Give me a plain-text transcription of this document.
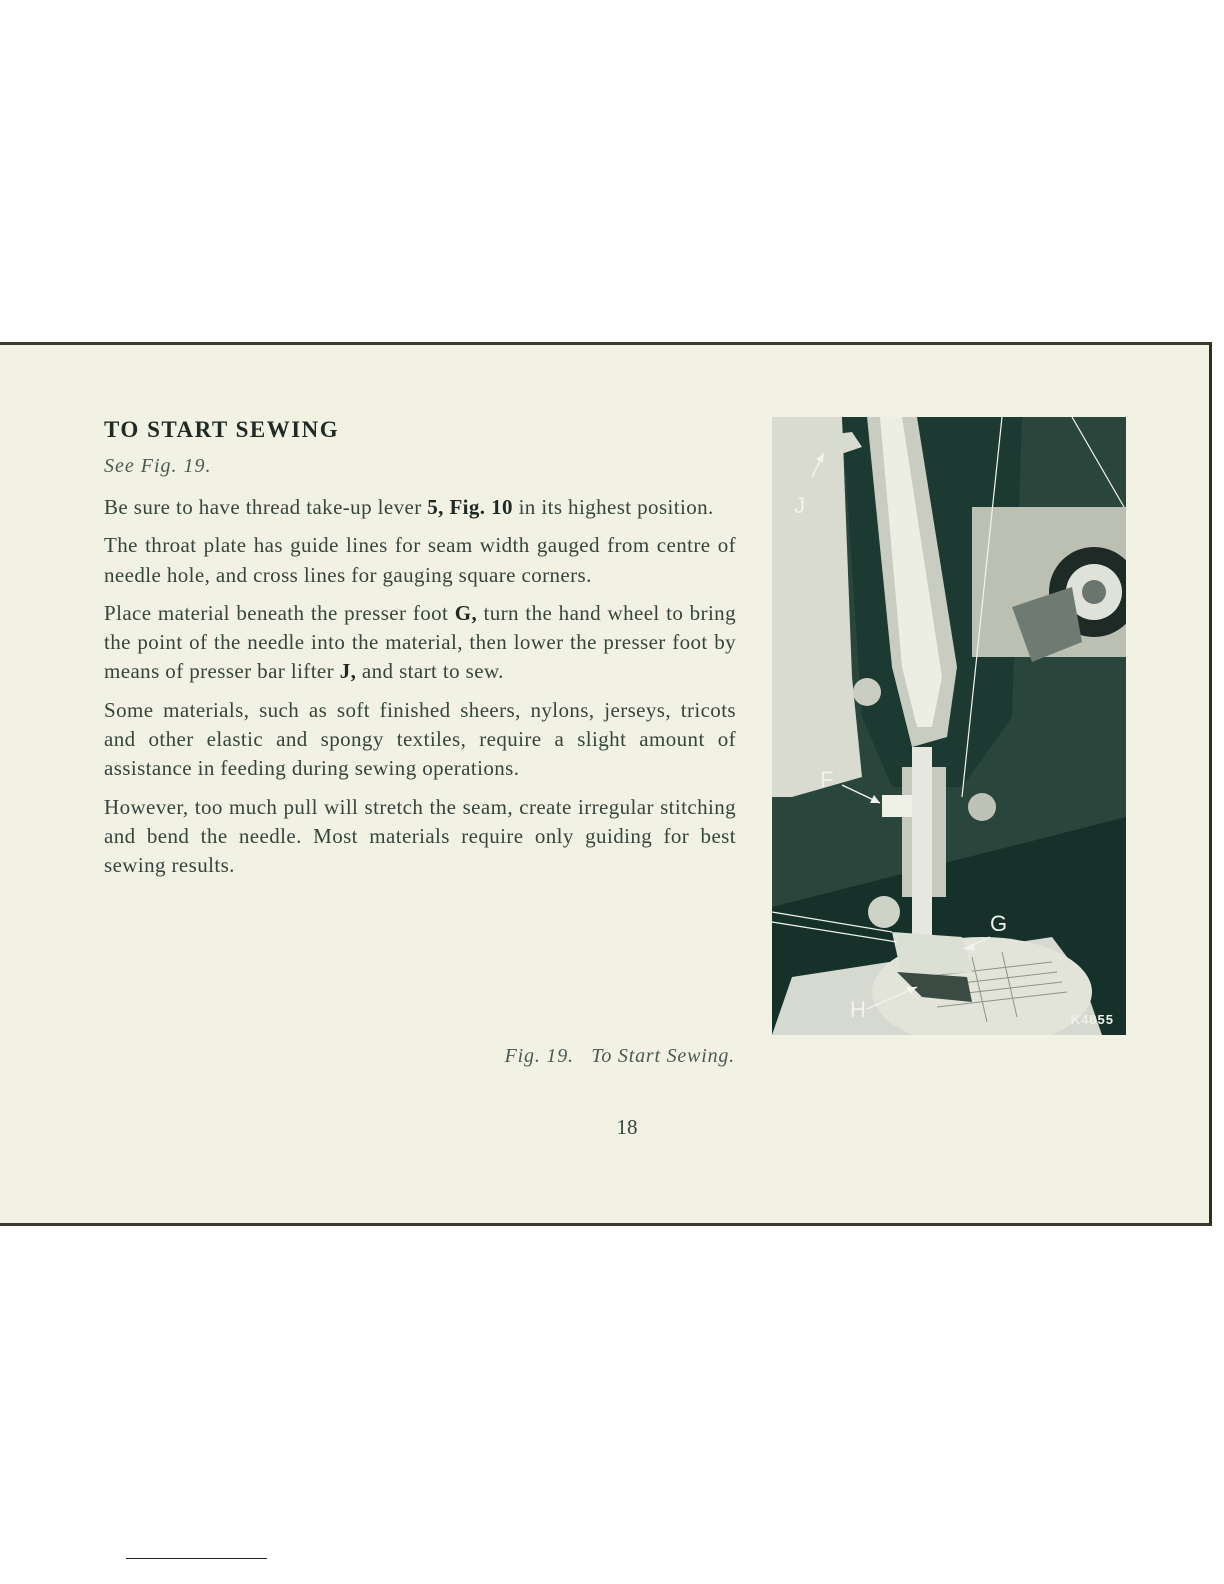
TO START SEWING
See Fig. 19.

Be sure to have thread take-up lever 5, Fig. 10 in its highest position.

The throat plate has guide lines for seam width gauged from centre of needle hole, and cross lines for gauging square corners.

Place material beneath the presser foot G, turn the hand wheel to bring the point of the needle into the material, then lower the presser foot by means of presser bar lifter J, and start to sew.

Some materials, such as soft finished sheers, nylons, jerseys, tricots and other elastic and spongy textiles, require a slight amount of assistance in feeding during sewing operations.

However, too much pull will stretch the seam, create irregular stitching and bend the needle. Most materials require only guiding for best sewing results.

J
F
G
H	K4855
Fig. 19.   To Start Sewing.
18
